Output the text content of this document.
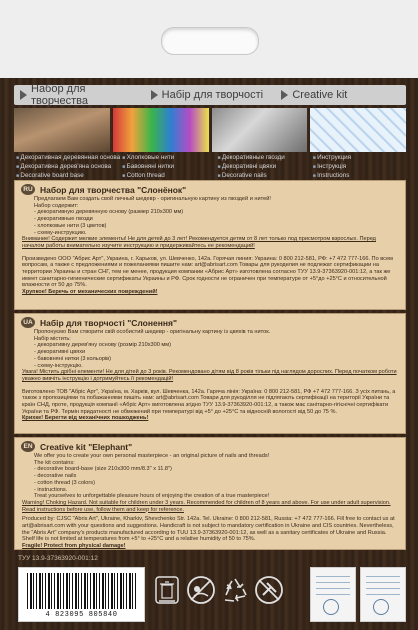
Набор для творчества	Набір для творчості	Creative kit
■ Декоративная деревянная основа
■ Декоративна дерев'яна основа
■ Decorative board base
■ Хлопковые нити
■ Бавовняні нитки
■ Cotton thread
■ Декоративные гвозди
■ Декоративні цвяхи
■ Decorative nails
■ Инструкция
■ Інструкція
■ Instructions
RU Набор для творчества "Слонёнок"

Предлагаем Вам создать свой личный шедевр - оригинальную картину из гвоздей и нитей!

Набор содержит:

- декоративную деревянную основу (размер 210x300 мм)

- декоративные гвозди

- хлопковые нити (3 цветов)

- схему-инструкцию.

Внимание! Содержит мелкие элементы! Не для детей до 3 лет! Рекомендуется детям от 8 лет только под присмотром взрослых. Перед началом работы внимательно изучите инструкцию и придерживайтесь ее рекомендаций!

Произведено ООО "Абрис Арт", Украина, г. Харьков, ул. Шевченко, 142а. Горячая линия: Украина: 0 800 212-581, РФ: +7 472 777-166. По всем вопросам, а также с предложениями и пожеланиями пишите нам: art@abrisart.com Товары для рукоделия не подлежат сертификации на территории Украины и стран СНГ, тем не менее, продукция компании «Абрис Арт» изготовлена согласно ТУУ 13.9-37363920-001:12, а так же имеет санитарно-гигиенические сертификаты Украины и РФ. Срок годности не ограничен при температуре от +5°до +25°С и относительной влажности от 50 до 75%.

Хрупкое! Беречь от механических повреждений!

UA Набір для творчості "Слонення"

Пропонуємо Вам створити свій особистий шедевр - оригінальну картину із цвяхів та ниток.

Набір містить:

- декоративну дерев'яну основу (розмір 210x300 мм)

- декоративні цвяхи

- бавовняні нитки (3 кольорів)

- схему-інструкцію.

Увага! Містить дрібні елементи! Не для дітей до 3 років. Рекомендовано дітям від 8 років тільки під наглядом дорослих. Перед початком роботи уважно вивчіть інструкцію і дотримуйтесь її рекомендацій!

Виготовлено ТОВ "Абріс Арт", Україна, м. Харків, вул. Шевченка, 142а. Гаряча лінія: Україна: 0 800 212-581, РФ +7 472 777-166. З усіх питань, а також з пропозиціями та побажаннями пишіть нам: art@abrisart.com Товари для рукоділля не підлягають сертифікації на території України та країн СНД, проте, продукція компанії «Абріс Арт» виготовлена згідно ТУУ 13.9-37363920-001:12, а також має санітарно-гігієнічні сертифікати України та РФ. Термін придатності не обмежений при температурі від +5° до +25°С та відносній вологості від 50 до 75 %.

Крихке! Берегти від механічних пошкоджень!

EN Creative kit "Elephant"

We offer you to create your own personal masterpiece - an original picture of nails and threads!

The kit contains:

- decorative board-base (size 210x300 mm/8.3" x 11.8")

- decorative nails

- cotton thread (3 colors)

- instructions.

Treat yourselves to unforgettable pleasure hours of enjoying the creation of a true masterpiece!

Warning! Choking Hazard. Not suitable for children under 3 years. Recommended for children of 8 years and above. For use under adult supervision. Read instructions before use, follow them and keep for reference.

Produced by: CJSC "Abris Art", Ukraine, Kharkiv, Shevchenko Str. 142a. Tel. Ukraine: 0 800 212-581, Russia: +7 472 777-166. Fill free to contact us at art@abrisart.com with your questions and suggestions. Handicraft is not subject to mandatory certification in Ukraine and CIS countries. Nevertheless, the "Abris Art" company's products manufactured according to TUU 13.9-37363920-001:12, as well as a sanitary certificates of Ukraine and Russia. Shelf life is not limited at temperatures from +5° to +25°C and a relative humidity of 50 to 75%.

Fragile! Protect from physical damage!

ТУУ 13.9-37363920-001:12
4 823095 805840
